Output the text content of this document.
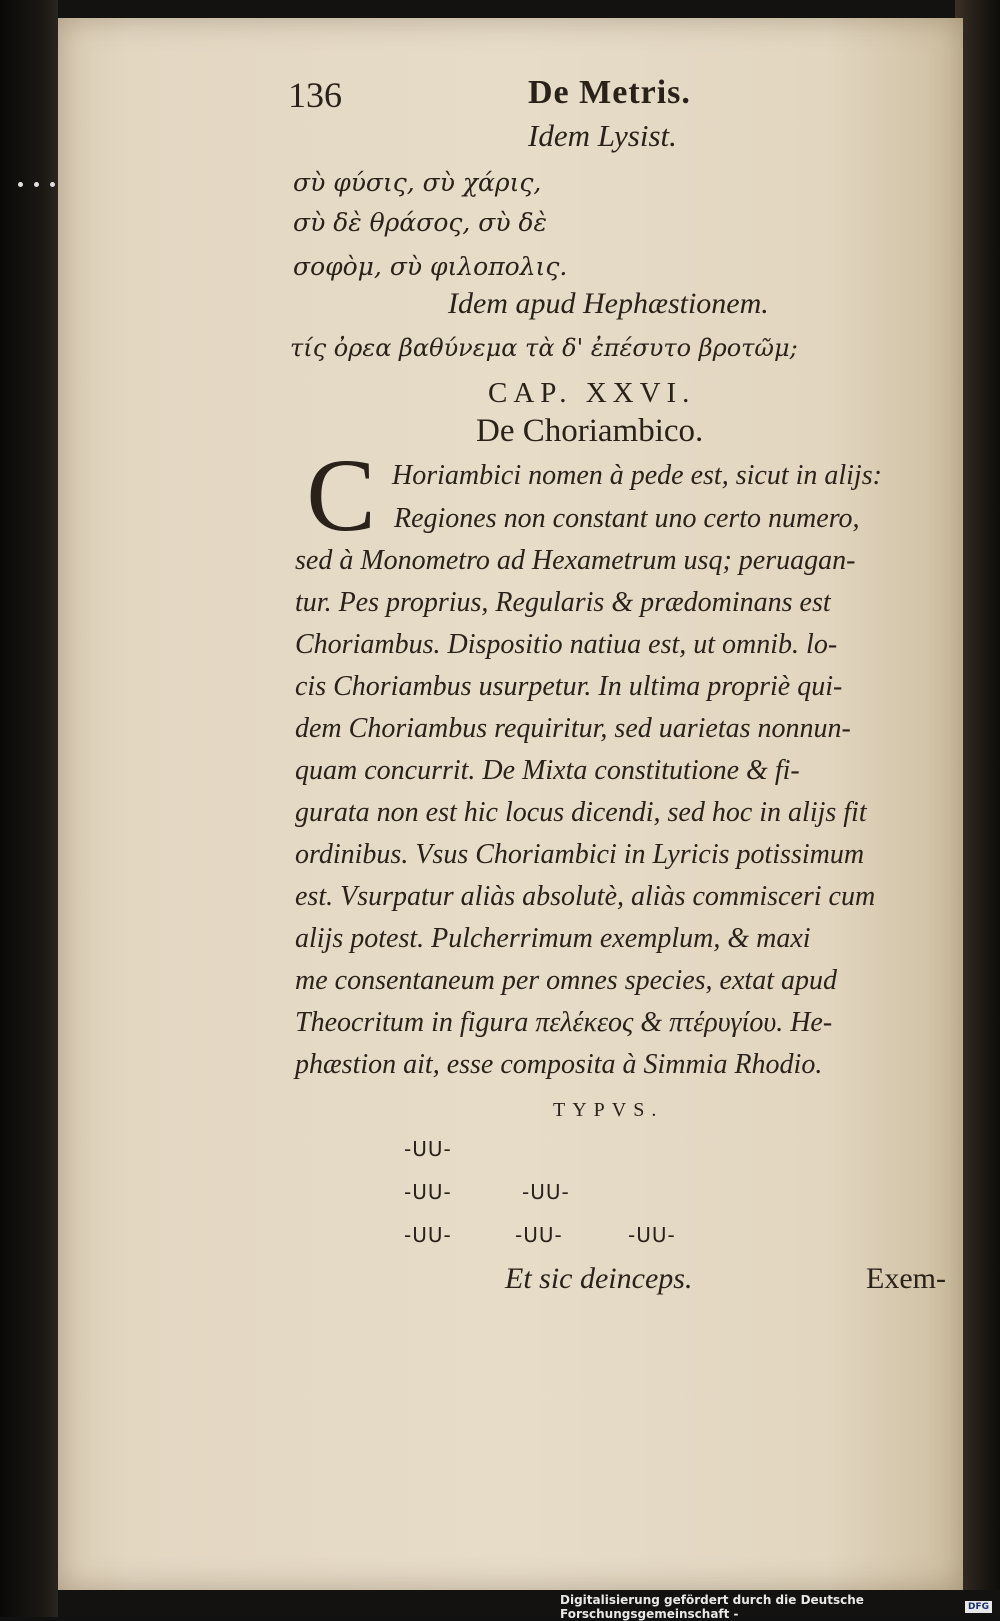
136	De Metris.
Idem Lysist.
σὺ φύσις, σὺ χάρις,
σὺ δὲ θράσος, σὺ δὲ
σοφὸμ, σὺ φιλοπολις.
Idem apud Hephæstionem.
τίς ὀρεα βαθύνεμα τὰ δ' ἐπέσυτο βροτῶμ;
CAP. XXVI.
De Choriambico.
C Horiambici nomen à pede est, sicut in alijs:
Regiones non constant uno certo numero,
sed à Monometro ad Hexametrum usq; peruagan-
tur. Pes proprius, Regularis & prædominans est
Choriambus. Dispositio natiua est, ut omnib. lo-
cis Choriambus usurpetur. In ultima propriè qui-
dem Choriambus requiritur, sed uarietas nonnun-
quam concurrit. De Mixta constitutione & fi-
gurata non est hic locus dicendi, sed hoc in alijs fit
ordinibus. Vsus Choriambici in Lyricis potissimum
est. Vsurpatur aliàs absolutè, aliàs commisceri cum
alijs potest. Pulcherrimum exemplum, & maxi
me consentaneum per omnes species, extat apud
Theocritum in figura πελέκεος & πτέρυγίου. He-
phæstion ait, esse composita à Simmia Rhodio.
TYPVS.
-UU-
-UU-	-UU-
-UU-	-UU-	-UU-
Et sic deinceps.	Exem-
Digitalisierung gefördert durch die Deutsche Forschungsgemeinschaft -	DFG
